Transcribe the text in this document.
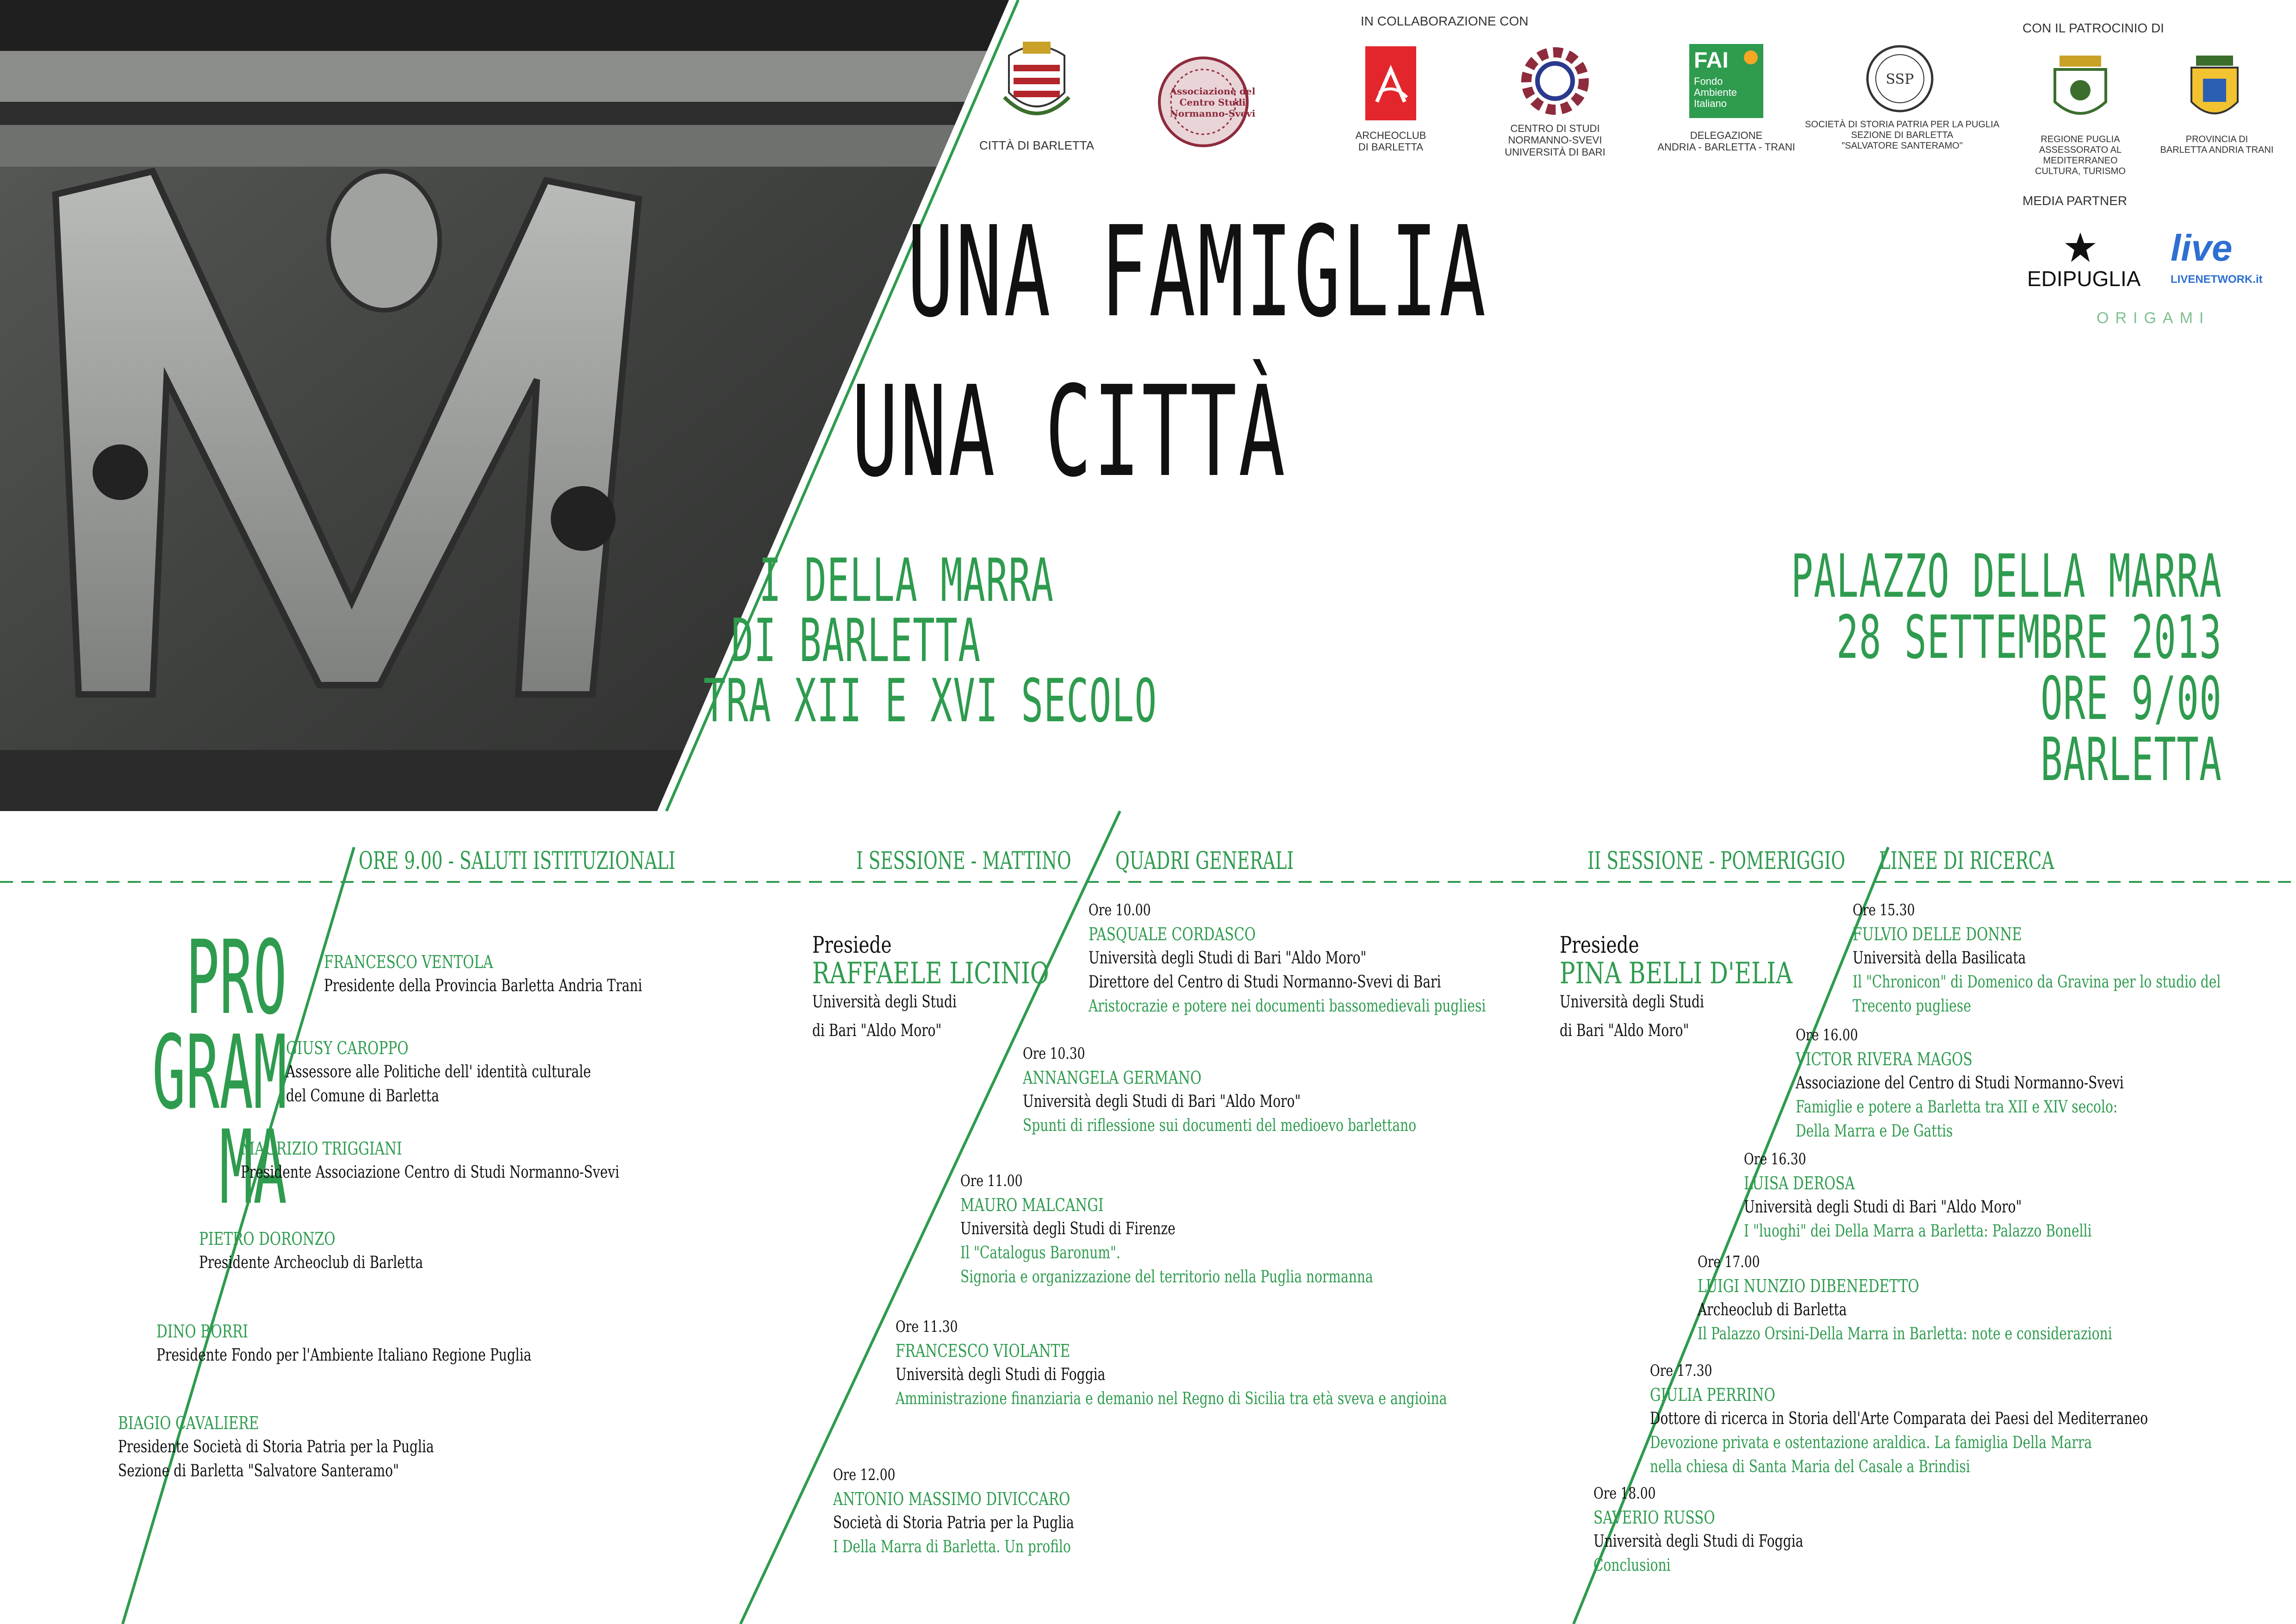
CITTÀ DI BARLETTA
Associazione del
Centro Studi Normanno-Svevi
IN COLLABORAZIONE CON
ARCHEOCLUB
DI BARLETTA
CENTRO DI STUDI
NORMANNO-SVEVI
UNIVERSITÀ DI BARI
FAI
Fondo
Ambiente
Italiano
DELEGAZIONE
ANDRIA - BARLETTA - TRANI
SSP
SOCIETÀ DI STORIA PATRIA PER LA PUGLIA
SEZIONE DI BARLETTA
"SALVATORE SANTERAMO"
CON IL PATROCINIO DI
REGIONE PUGLIA
ASSESSORATO AL MEDITERRANEO
CULTURA, TURISMO
PROVINCIA DI
BARLETTA ANDRIA TRANI
MEDIA PARTNER
EDIPUGLIA
live
LIVENETWORK.it
ORIGAMI
UNA FAMIGLIA
UNA CITTÀ
I DELLA MARRA
DI BARLETTA
TRA XII E XVI SECOLO
PALAZZO DELLA MARRA
28 SETTEMBRE 2013
ORE 9/00
BARLETTA
PRO
GRAM
MA
ORE 9.00 - SALUTI ISTITUZIONALI	I SESSIONE - MATTINO QUADRI GENERALI	II SESSIONE - POMERIGGIO LINEE DI RICERCA
FRANCESCO VENTOLA
Presidente della Provincia Barletta Andria Trani
GIUSY CAROPPO
Assessore alle Politiche dell' identità culturale
del Comune di Barletta
MAURIZIO TRIGGIANI
Presidente Associazione Centro di Studi Normanno-Svevi
PIETRO DORONZO
Presidente Archeoclub di Barletta
DINO BORRI
Presidente Fondo per l'Ambiente Italiano Regione Puglia
BIAGIO CAVALIERE
Presidente Società di Storia Patria per la Puglia
Sezione di Barletta "Salvatore Santeramo"
Presiede
RAFFAELE LICINIO
Università degli Studi
di Bari "Aldo Moro"
Ore 10.00
PASQUALE CORDASCO
Università degli Studi di Bari "Aldo Moro"
Direttore del Centro di Studi Normanno-Svevi di Bari
Aristocrazie e potere nei documenti bassomedievali pugliesi
Ore 10.30
ANNANGELA GERMANO
Università degli Studi di Bari "Aldo Moro"
Spunti di riflessione sui documenti del medioevo barlettano
Ore 11.00
MAURO MALCANGI
Università degli Studi di Firenze
Il "Catalogus Baronum".
Signoria e organizzazione del territorio nella Puglia normanna
Ore 11.30
FRANCESCO VIOLANTE
Università degli Studi di Foggia
Amministrazione finanziaria e demanio nel Regno di Sicilia tra età sveva e angioina
Ore 12.00
ANTONIO MASSIMO DIVICCARO
Società di Storia Patria per la Puglia
I Della Marra di Barletta. Un profilo
Presiede
PINA BELLI D'ELIA
Università degli Studi
di Bari "Aldo Moro"
Ore 15.30
FULVIO DELLE DONNE
Università della Basilicata
Il "Chronicon" di Domenico da Gravina per lo studio del
Trecento pugliese
Ore 16.00
VICTOR RIVERA MAGOS
Associazione del Centro di Studi Normanno-Svevi
Famiglie e potere a Barletta tra XII e XIV secolo:
Della Marra e De Gattis
Ore 16.30
LUISA DEROSA
Università degli Studi di Bari "Aldo Moro"
I "luoghi" dei Della Marra a Barletta: Palazzo Bonelli
Ore 17.00
LUIGI NUNZIO DIBENEDETTO
Archeoclub di Barletta
Il Palazzo Orsini-Della Marra in Barletta: note e considerazioni
Ore 17.30
GIULIA PERRINO
Dottore di ricerca in Storia dell'Arte Comparata dei Paesi del Mediterraneo
Devozione privata e ostentazione araldica. La famiglia Della Marra
nella chiesa di Santa Maria del Casale a Brindisi
Ore 18.00
SAVERIO RUSSO
Università degli Studi di Foggia
Conclusioni
